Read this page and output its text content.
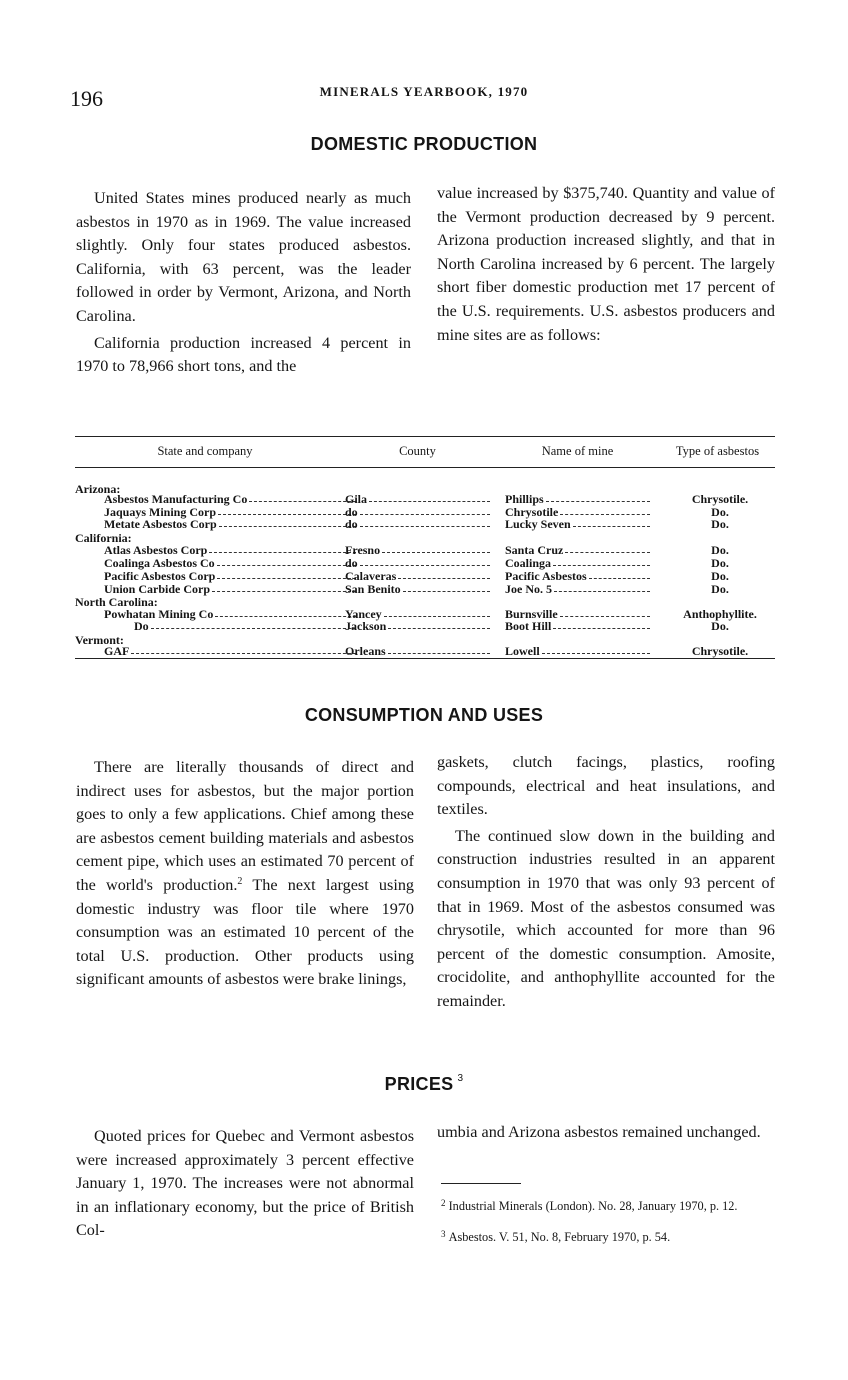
196	MINERALS YEARBOOK, 1970
DOMESTIC PRODUCTION

United States mines produced nearly as much asbestos in 1970 as in 1969. The value increased slightly. Only four states produced asbestos. California, with 63 percent, was the leader followed in order by Vermont, Arizona, and North Carolina.

California production increased 4 percent in 1970 to 78,966 short tons, and the

value increased by $375,740. Quantity and value of the Vermont production decreased by 9 percent. Arizona production increased slightly, and that in North Carolina increased by 6 percent. The largely short fiber domestic production met 17 percent of the U.S. requirements. U.S. asbestos producers and mine sites are as follows:

State and company	County	Name of mine	Type of asbestos
Arizona:
Asbestos Manufacturing Co	Gila	Phillips	Chrysotile.
Jaquays Mining Corp	do	Chrysotile	Do.
Metate Asbestos Corp	do	Lucky Seven	Do.
California:
Atlas Asbestos Corp	Fresno	Santa Cruz	Do.
Coalinga Asbestos Co	do	Coalinga	Do.
Pacific Asbestos Corp	Calaveras	Pacific Asbestos	Do.
Union Carbide Corp	San Benito	Joe No. 5	Do.
North Carolina:
Powhatan Mining Co	Yancey	Burnsville	Anthophyllite.
Do	Jackson	Boot Hill	Do.
Vermont:
GAF	Orleans	Lowell	Chrysotile.
CONSUMPTION AND USES

There are literally thousands of direct and indirect uses for asbestos, but the major portion goes to only a few applications. Chief among these are asbestos cement building materials and asbestos cement pipe, which uses an estimated 70 percent of the world's production.$^2$ The next largest using domestic industry was floor tile where 1970 consumption was an estimated 10 percent of the total U.S. production. Other products using significant amounts of asbestos were brake linings,

gaskets, clutch facings, plastics, roofing compounds, electrical and heat insulations, and textiles.

The continued slow down in the building and construction industries resulted in an apparent consumption in 1970 that was only 93 percent of that in 1969. Most of the asbestos consumed was chrysotile, which accounted for more than 96 percent of the domestic consumption. Amosite, crocidolite, and anthophyllite accounted for the remainder.

PRICES $^3$

Quoted prices for Quebec and Vermont asbestos were increased approximately 3 percent effective January 1, 1970. The increases were not abnormal in an inflationary economy, but the price of British Col-

umbia and Arizona asbestos remained unchanged.

$^2$ Industrial Minerals (London). No. 28, January 1970, p. 12.
$^3$ Asbestos. V. 51, No. 8, February 1970, p. 54.
